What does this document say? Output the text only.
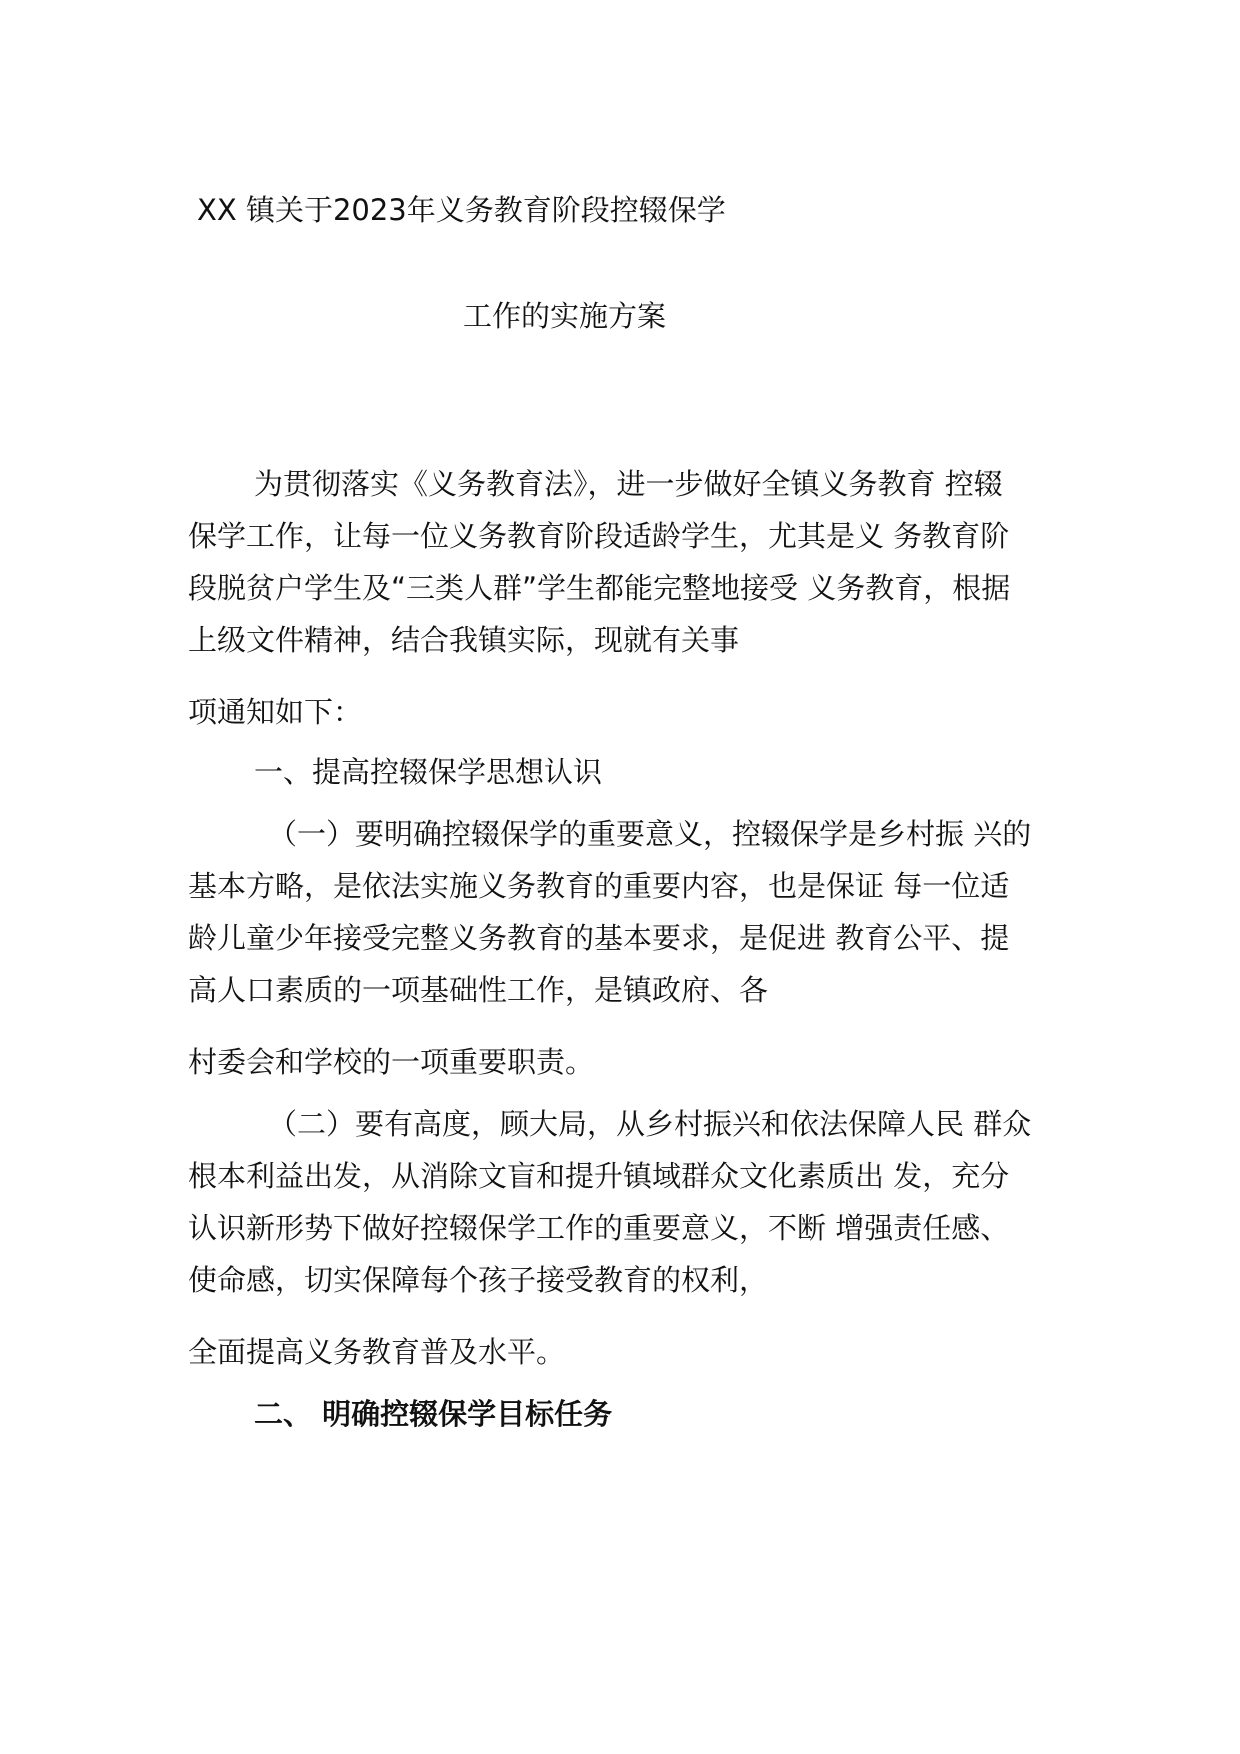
XX 镇关于2023年义务教育阶段控辍保学
工作的实施方案
为贯彻落实《义务教育法》，进一步做好全镇义务教育 控辍
保学工作，让每一位义务教育阶段适龄学生，尤其是义 务教育阶
段脱贫户学生及“三类人群”学生都能完整地接受 义务教育，根据
上级文件精神，结合我镇实际，现就有关事
项通知如下：
一、提高控辍保学思想认识
（一）要明确控辍保学的重要意义，控辍保学是乡村振 兴的
基本方略，是依法实施义务教育的重要内容，也是保证 每一位适
龄儿童少年接受完整义务教育的基本要求，是促进 教育公平、提
高人口素质的一项基础性工作，是镇政府、各
村委会和学校的一项重要职责。
（二）要有高度，顾大局，从乡村振兴和依法保障人民 群众
根本利益出发，从消除文盲和提升镇域群众文化素质出 发，充分
认识新形势下做好控辍保学工作的重要意义，不断 增强责任感、
使命感，切实保障每个孩子接受教育的权利，
全面提高义务教育普及水平。
二、 明确控辍保学目标任务
